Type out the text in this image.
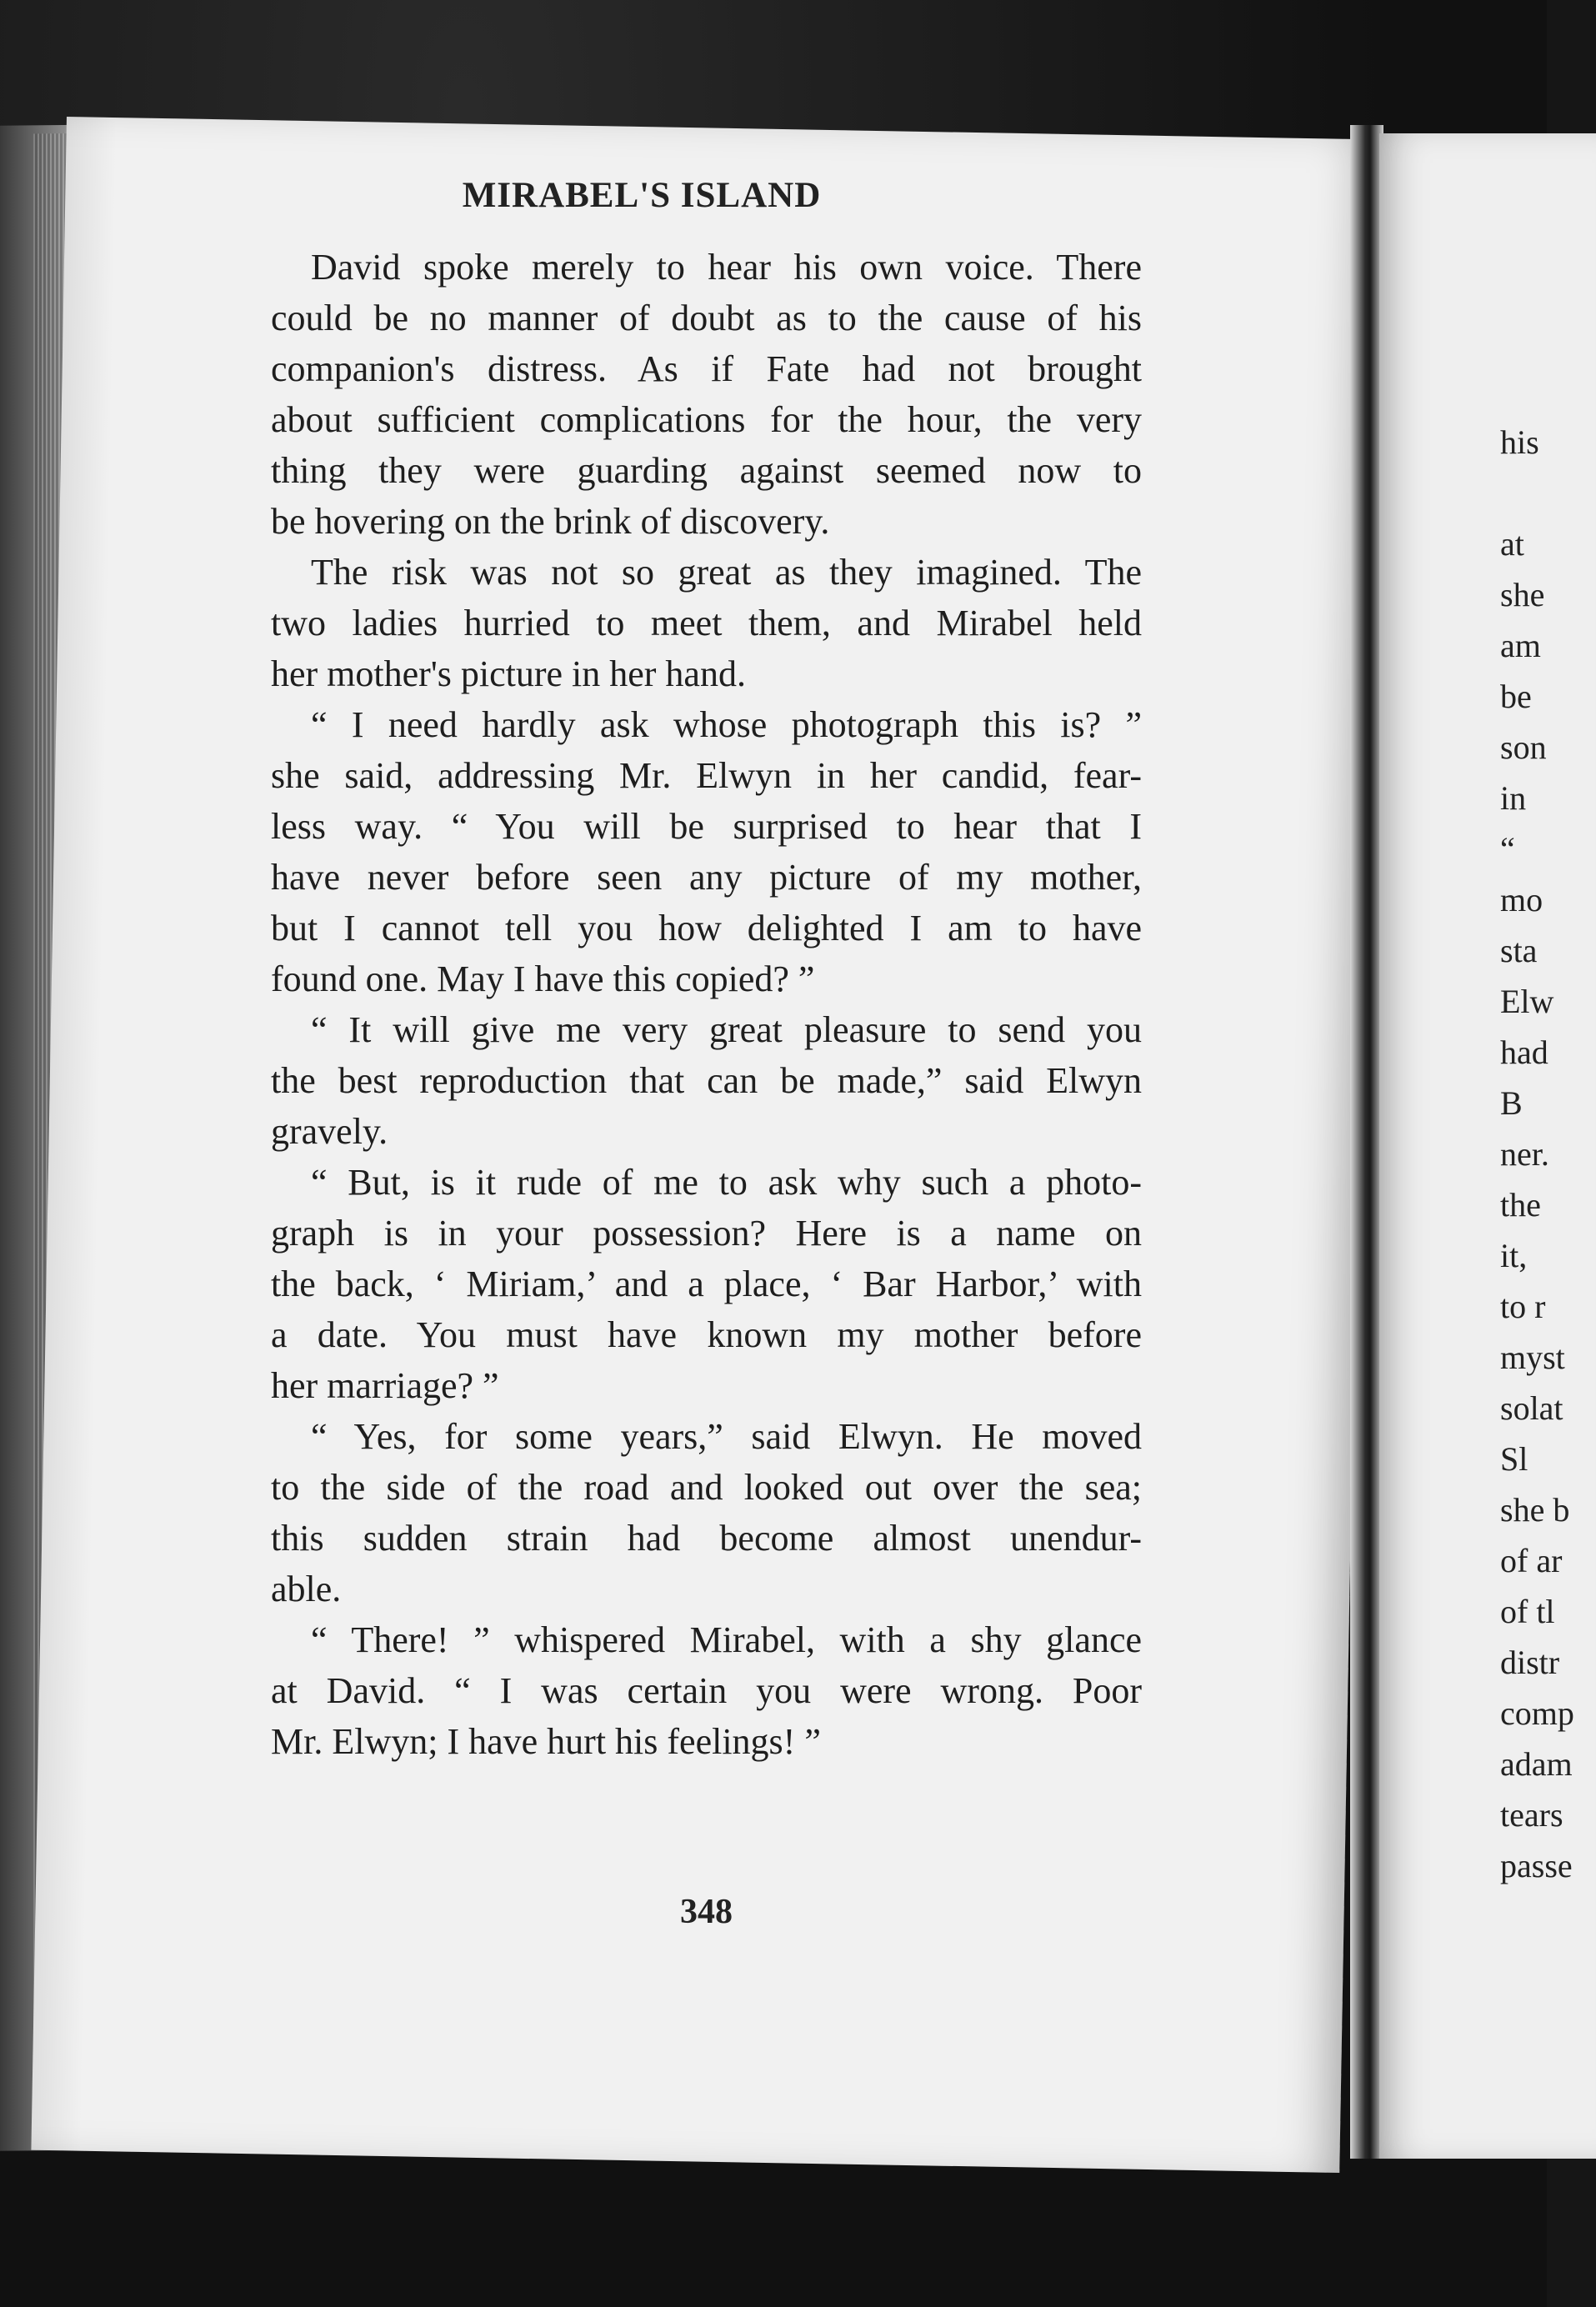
MIRABEL'S ISLAND

David spoke merely to hear his own voice. There
could be no manner of doubt as to the cause of his
companion's distress. As if Fate had not brought
about sufficient complications for the hour, the very
thing they were guarding against seemed now to
be hovering on the brink of discovery.

The risk was not so great as they imagined. The
two ladies hurried to meet them, and Mirabel held
her mother's picture in her hand.

“ I need hardly ask whose photograph this is? ”
she said, addressing Mr. Elwyn in her candid, fear-
less way. “ You will be surprised to hear that I
have never before seen any picture of my mother,
but I cannot tell you how delighted I am to have
found one. May I have this copied? ”

“ It will give me very great pleasure to send you
the best reproduction that can be made,” said Elwyn
gravely.

“ But, is it rude of me to ask why such a photo-
graph is in your possession? Here is a name on
the back, ‘ Miriam,’ and a place, ‘ Bar Harbor,’ with
a date. You must have known my mother before
her marriage? ”

“ Yes, for some years,” said Elwyn. He moved
to the side of the road and looked out over the sea;
this sudden strain had become almost unendur-
able.

“ There! ” whispered Mirabel, with a shy glance
at David. “ I was certain you were wrong. Poor
Mr. Elwyn; I have hurt his feelings! ”

348
his

at
she
am
be
son
in
“
mo
sta
Elw
had
B
ner.
the
it,
to r
myst
solat
Sl
she b
of ar
of tl
distr
comp
adam
tears
passe
